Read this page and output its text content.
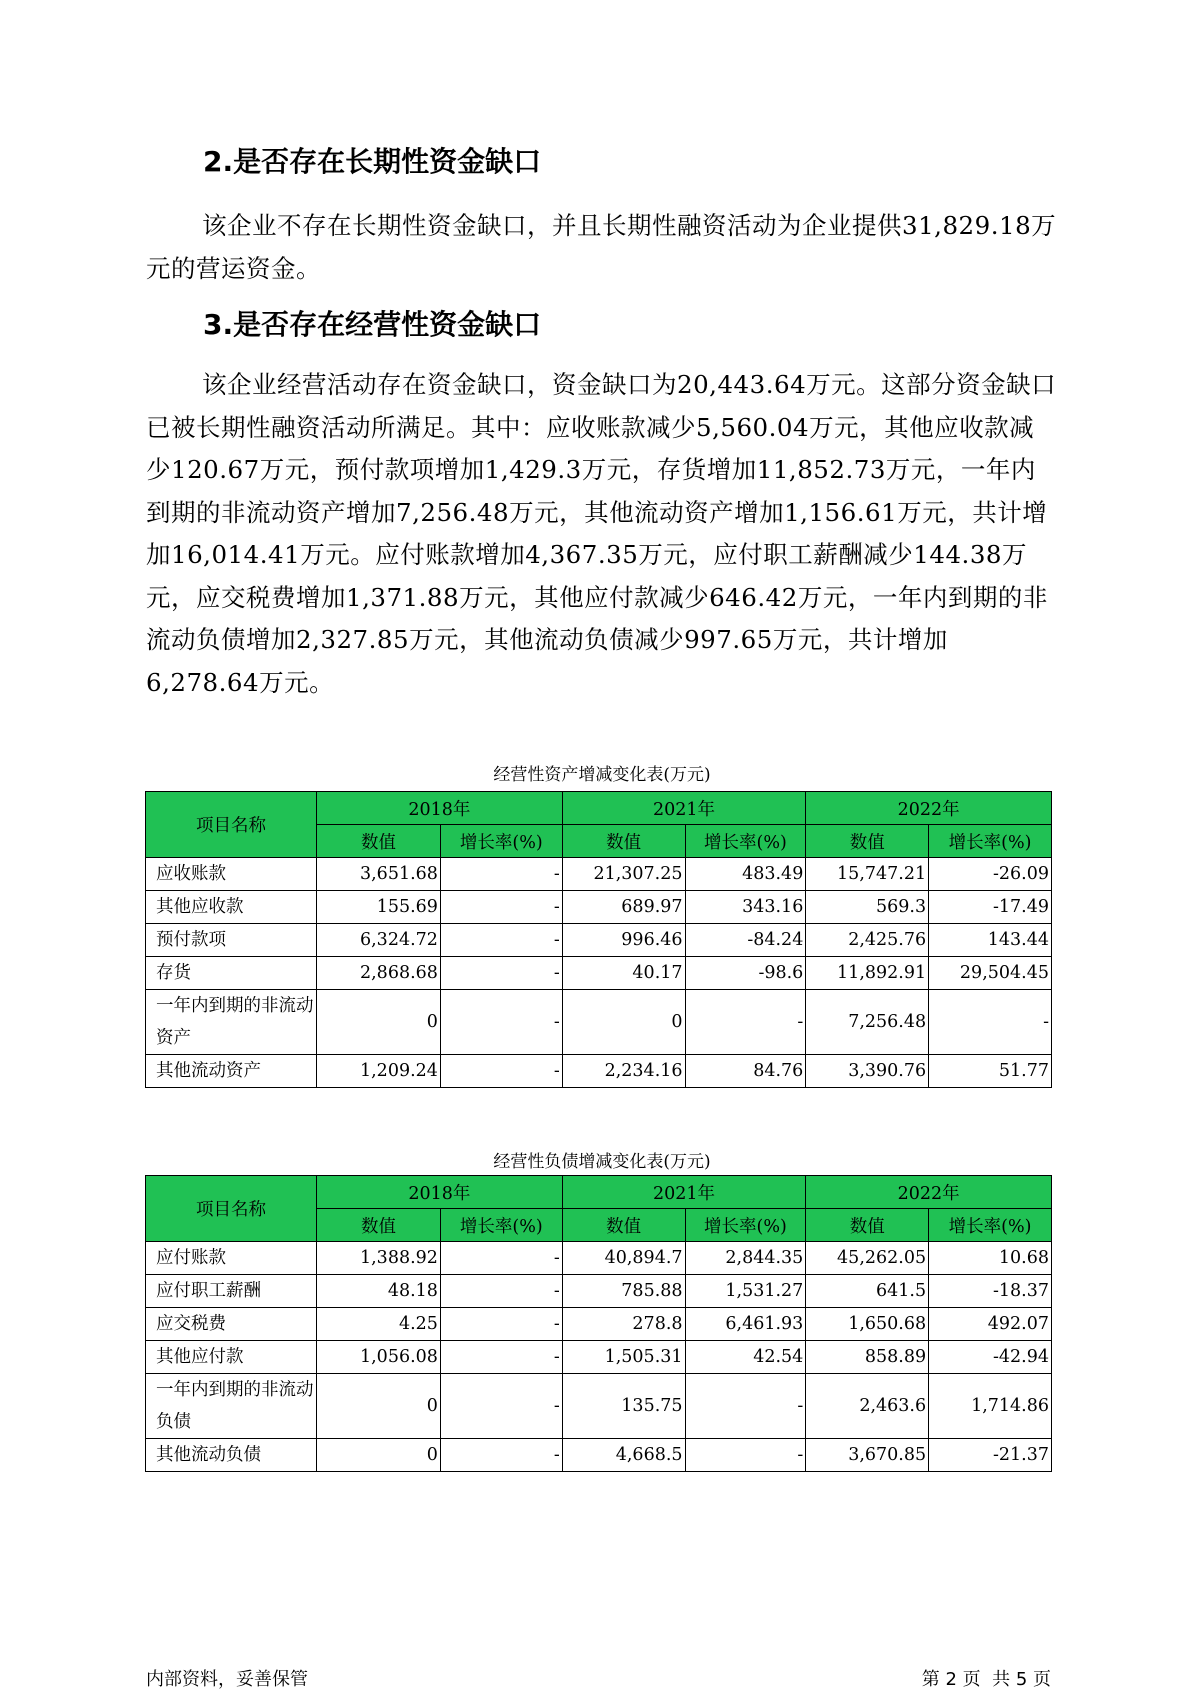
2.是否存在长期性资金缺口

该企业不存在长期性资金缺口，并且长期性融资活动为企业提供31,829.18万元的营运资金。

3.是否存在经营性资金缺口

该企业经营活动存在资金缺口，资金缺口为20,443.64万元。这部分资金缺口已被长期性融资活动所满足。其中：应收账款减少5,560.04万元，其他应收款减少120.67万元，预付款项增加1,429.3万元，存货增加11,852.73万元，一年内到期的非流动资产增加7,256.48万元，其他流动资产增加1,156.61万元，共计增加16,014.41万元。应付账款增加4,367.35万元，应付职工薪酬减少144.38万元，应交税费增加1,371.88万元，其他应付款减少646.42万元，一年内到期的非流动负债增加2,327.85万元，其他流动负债减少997.65万元，共计增加6,278.64万元。

经营性资产增减变化表(万元)

项目名称	2018年		2021年		2022年	
	数值	增长率(%)	数值	增长率(%)	数值	增长率(%)
应收账款	3,651.68	-	21,307.25	483.49	15,747.21	-26.09
其他应收款	155.69	-	689.97	343.16	569.3	-17.49
预付款项	6,324.72	-	996.46	-84.24	2,425.76	143.44
存货	2,868.68	-	40.17	-98.6	11,892.91	29,504.45
一年内到期的非流动资产	0	-	0	-	7,256.48	-
其他流动资产	1,209.24	-	2,234.16	84.76	3,390.76	51.77

经营性负债增减变化表(万元)

项目名称	2018年		2021年		2022年	
	数值	增长率(%)	数值	增长率(%)	数值	增长率(%)
应付账款	1,388.92	-	40,894.7	2,844.35	45,262.05	10.68
应付职工薪酬	48.18	-	785.88	1,531.27	641.5	-18.37
应交税费	4.25	-	278.8	6,461.93	1,650.68	492.07
其他应付款	1,056.08	-	1,505.31	42.54	858.89	-42.94
一年内到期的非流动负债	0	-	135.75	-	2,463.6	1,714.86
其他流动负债	0	-	4,668.5	-	3,670.85	-21.37
内部资料，妥善保管	第 2 页  共 5 页
